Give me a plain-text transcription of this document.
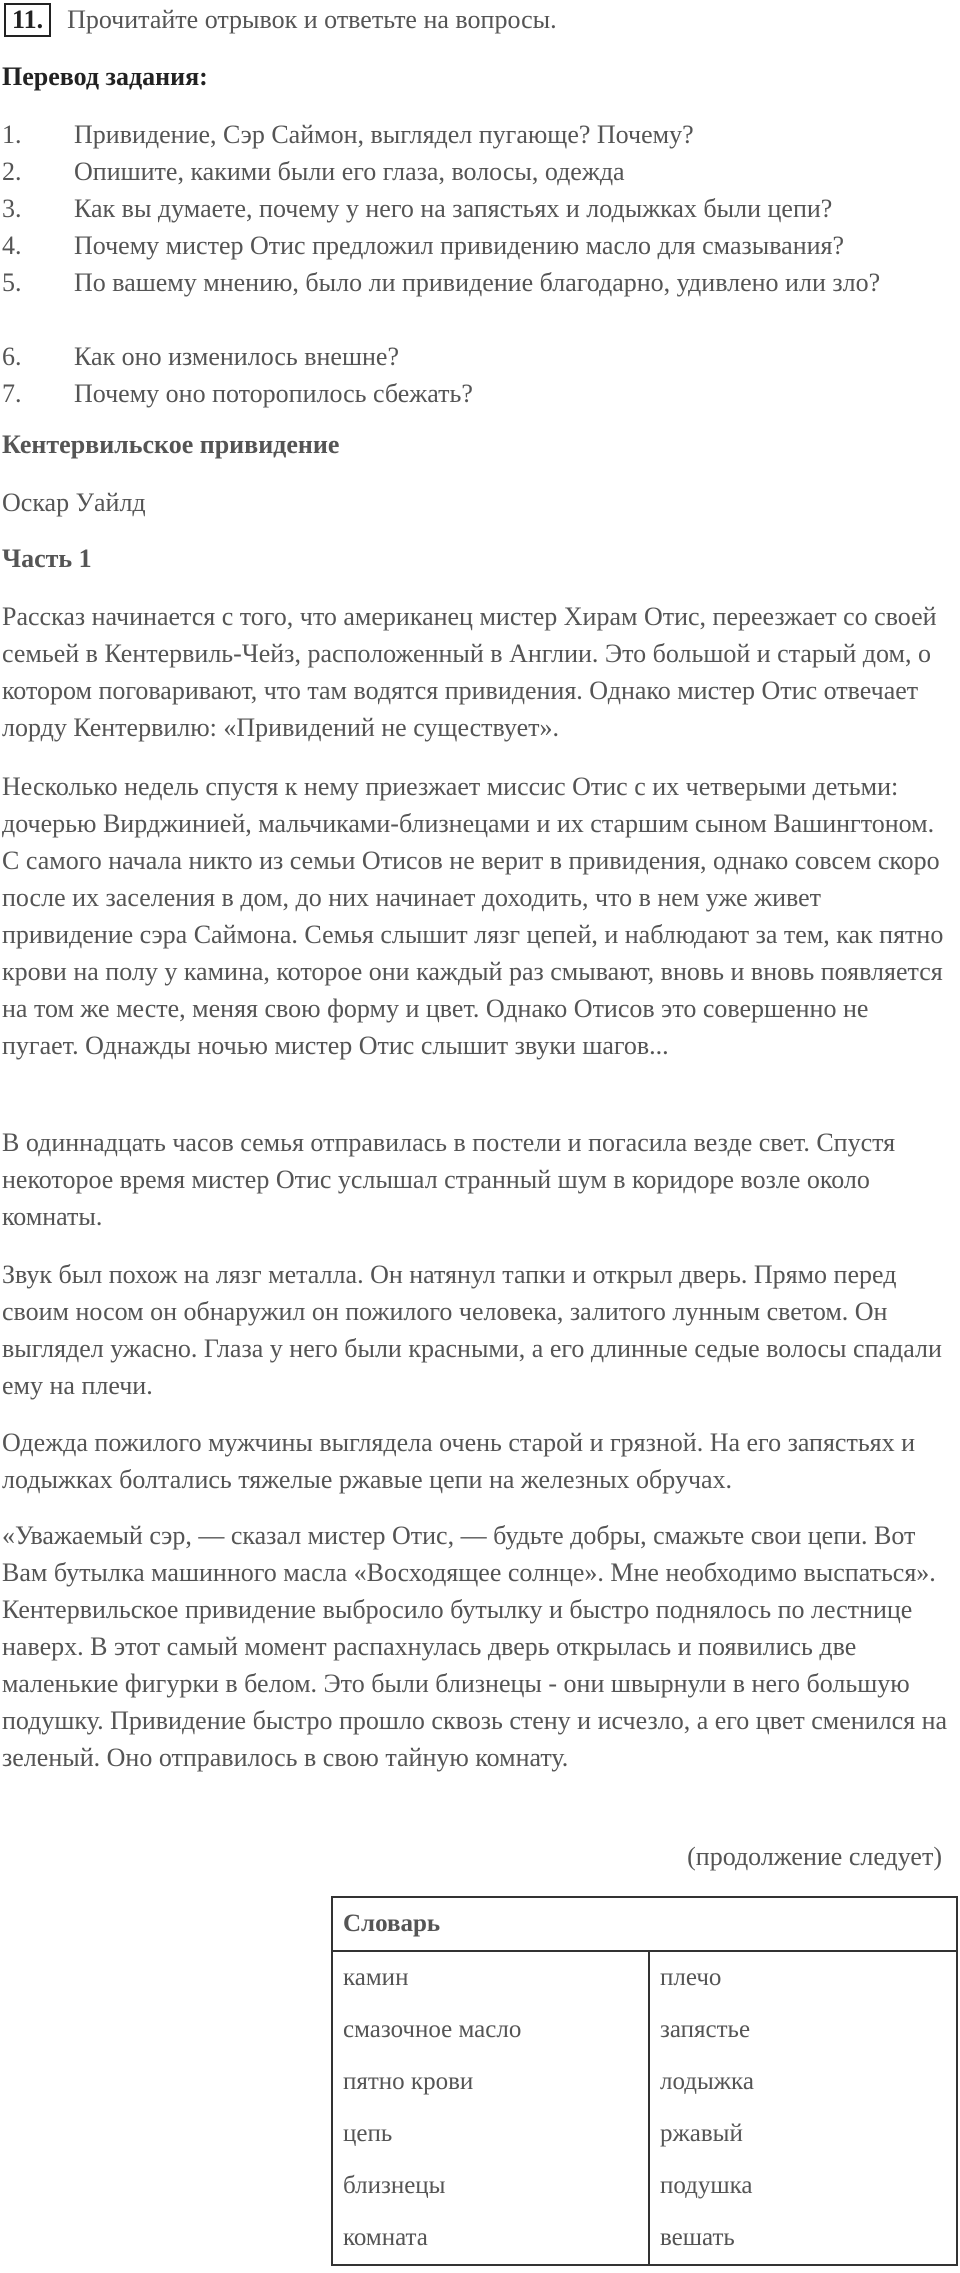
11. Прочитайте отрывок и ответьте на вопросы.
Перевод задания:
1. Привидение, Сэр Саймон, выглядел пугающе? Почему?
2. Опишите, какими были его глаза, волосы, одежда
3. Как вы думаете, почему у него на запястьях и лодыжках были цепи?
4. Почему мистер Отис предложил привидению масло для смазывания?
5. По вашему мнению, было ли привидение благодарно, удивлено или зло?
6. Как оно изменилось внешне?
7. Почему оно поторопилось сбежать?
Кентервильское привидение
Оскар Уайлд
Часть 1

Рассказ начинается с того, что американец мистер Хирам Отис, переезжает со своей семьей в Кентервиль-Чейз, расположенный в Англии. Это большой и старый дом, о котором поговаривают, что там водятся привидения. Однако мистер Отис отвечает лорду Кентервилю: «Привидений не существует».

Несколько недель спустя к нему приезжает миссис Отис с их четверыми детьми: дочерью Вирджинией, мальчиками-близнецами и их старшим сыном Вашингтоном. С самого начала никто из семьи Отисов не верит в привидения, однако совсем скоро после их заселения в дом, до них начинает доходить, что в нем уже живет привидение сэра Саймона. Семья слышит лязг цепей, и наблюдают за тем, как пятно крови на полу у камина, которое они каждый раз смывают, вновь и вновь появляется на том же месте, меняя свою форму и цвет. Однако Отисов это совершенно не пугает. Однажды ночью мистер Отис слышит звуки шагов...

В одиннадцать часов семья отправилась в постели и погасила везде свет. Спустя некоторое время мистер Отис услышал странный шум в коридоре возле около комнаты.

Звук был похож на лязг металла. Он натянул тапки и открыл дверь. Прямо перед своим носом он обнаружил он пожилого человека, залитого лунным светом. Он выглядел ужасно. Глаза у него были красными, а его длинные седые волосы спадали ему на плечи.

Одежда пожилого мужчины выглядела очень старой и грязной. На его запястьях и лодыжках болтались тяжелые ржавые цепи на железных обручах.

«Уважаемый сэр, — сказал мистер Отис, — будьте добры, смажьте свои цепи. Вот Вам бутылка машинного масла «Восходящее солнце». Мне необходимо выспаться». Кентервильское привидение выбросило бутылку и быстро поднялось по лестнице наверх. В этот самый момент распахнулась дверь открылась и появились две маленькие фигурки в белом. Это были близнецы - они швырнули в него большую подушку. Привидение быстро прошло сквозь стену и исчезло, а его цвет сменился на зеленый. Оно отправилось в свою тайную комнату.

(продолжение следует)
Словарь	
камин	плечо
смазочное масло	запястье
пятно крови	лодыжка
цепь	ржавый
близнецы	подушка
комната	вешать
